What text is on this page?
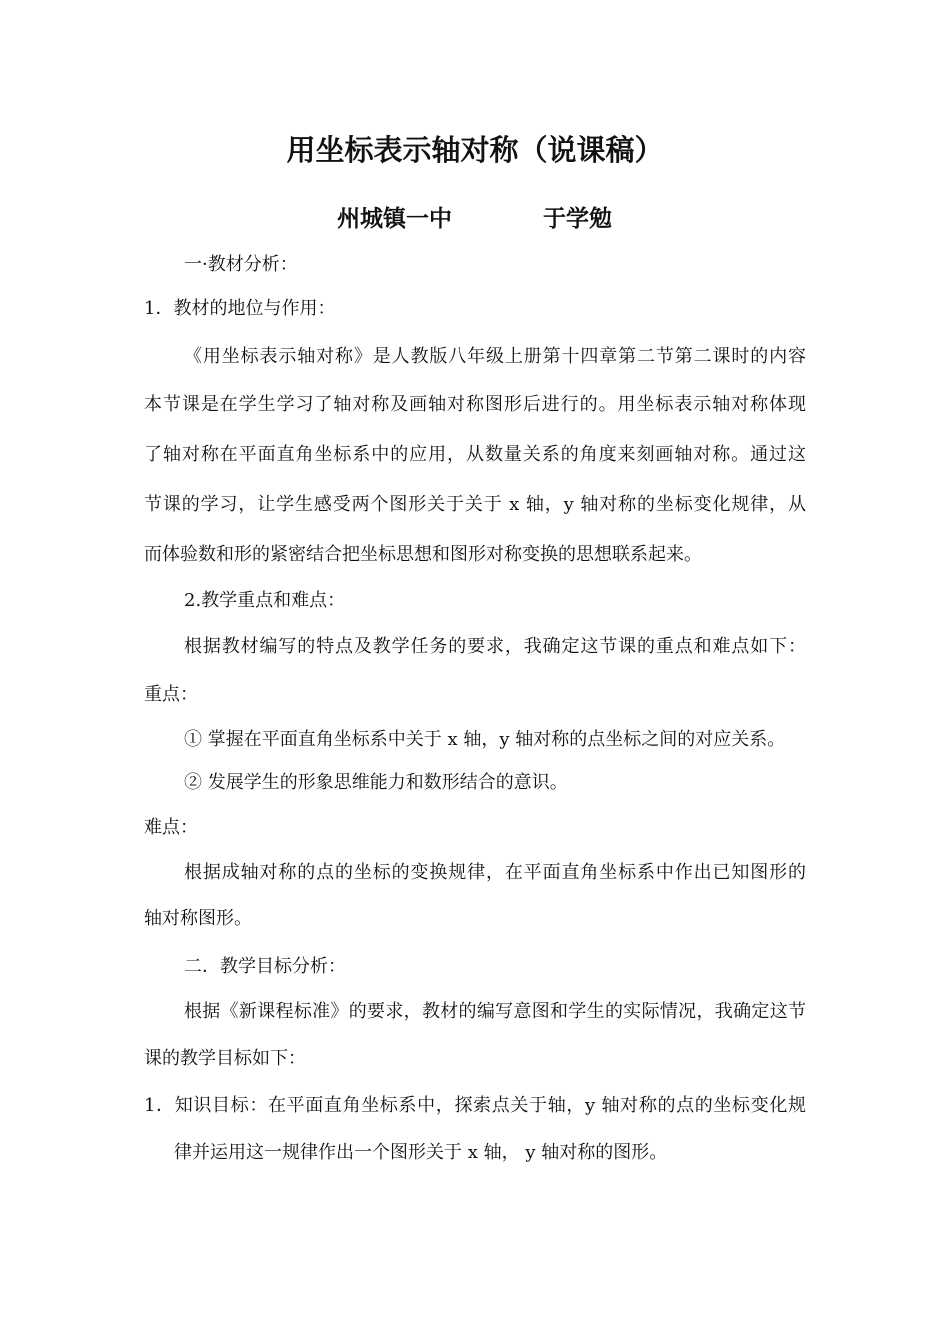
用坐标表示轴对称（说课稿）
州城镇一中	于学勉
一·教材分析：
1．教材的地位与作用：
《用坐标表示轴对称》是人教版八年级上册第十四章第二节第二课时的内容
本节课是在学生学习了轴对称及画轴对称图形后进行的。用坐标表示轴对称体现
了轴对称在平面直角坐标系中的应用，从数量关系的角度来刻画轴对称。通过这
节课的学习，让学生感受两个图形关于关于 x 轴，y 轴对称的坐标变化规律，从
而体验数和形的紧密结合把坐标思想和图形对称变换的思想联系起来。
2.教学重点和难点：
根据教材编写的特点及教学任务的要求，我确定这节课的重点和难点如下：
重点：
① 掌握在平面直角坐标系中关于 x 轴，y 轴对称的点坐标之间的对应关系。
② 发展学生的形象思维能力和数形结合的意识。
难点：
根据成轴对称的点的坐标的变换规律，在平面直角坐标系中作出已知图形的
轴对称图形。
二．教学目标分析：
根据《新课程标准》的要求，教材的编写意图和学生的实际情况，我确定这节
课的教学目标如下：
1．知识目标：在平面直角坐标系中，探索点关于轴，y 轴对称的点的坐标变化规
律并运用这一规律作出一个图形关于 x 轴， y 轴对称的图形。
